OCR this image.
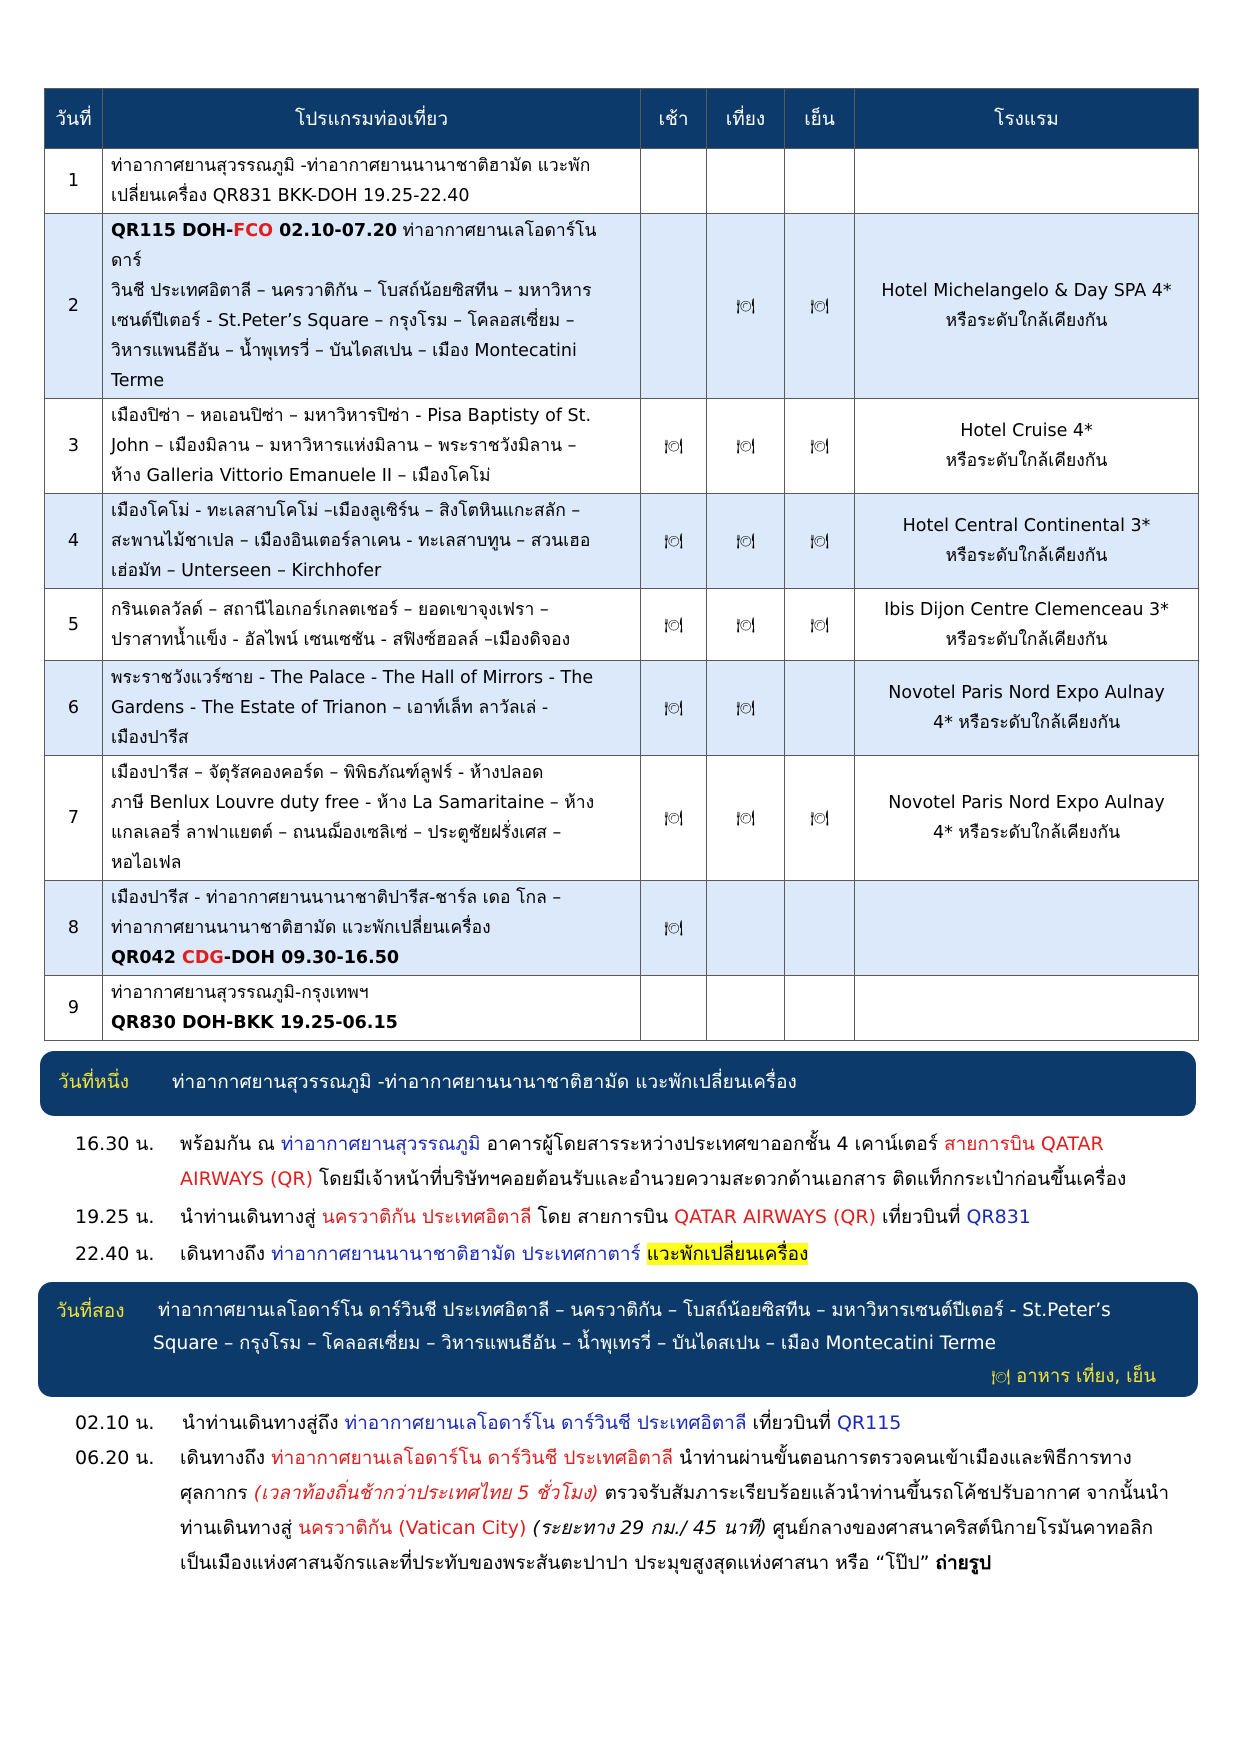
วันที่	โปรแกรมท่องเที่ยว	เช้า	เที่ยง	เย็น	โรงแรม
1	ท่าอากาศยานสุวรรณภูมิ -ท่าอากาศยานนานาชาติฮามัด แวะพัก
เปลี่ยนเครื่อง QR831 BKK-DOH 19.25-22.40				
2	QR115 DOH-FCO 02.10-07.20 ท่าอากาศยานเลโอดาร์โน ดาร์
วินชี ประเทศอิตาลี – นครวาติกัน – โบสถ์น้อยซิสทีน – มหาวิหาร
เซนต์ปีเตอร์ - St.Peter’s Square – กรุงโรม – โคลอสเซี่ยม –
วิหารแพนธีอัน – น้ำพุเทรวี่ – บันไดสเปน – เมือง Montecatini
Terme		🍽	🍽	Hotel Michelangelo & Day SPA 4*
หรือระดับใกล้เคียงกัน
3	เมืองปิซ่า – หอเอนปิซ่า – มหาวิหารปิซ่า - Pisa Baptisty of St.
John – เมืองมิลาน – มหาวิหารแห่งมิลาน – พระราชวังมิลาน –
ห้าง Galleria Vittorio Emanuele II – เมืองโคโม่	🍽	🍽	🍽	Hotel Cruise 4*
หรือระดับใกล้เคียงกัน
4	เมืองโคโม่ - ทะเลสาบโคโม่ –เมืองลูเซิร์น – สิงโตหินแกะสลัก –
สะพานไม้ชาเปล – เมืองอินเตอร์ลาเคน - ทะเลสาบทูน – สวนเฮอ
เฮ่อมัท – Unterseen – Kirchhofer	🍽	🍽	🍽	Hotel Central Continental 3*
หรือระดับใกล้เคียงกัน
5	กรินเดลวัลด์ – สถานีไอเกอร์เกลตเชอร์ – ยอดเขาจุงเฟรา –
ปราสาทน้ำแข็ง - อัลไพน์ เซนเซชัน - สฟิงซ์ฮอลล์ –เมืองดิจอง	🍽	🍽	🍽	Ibis Dijon Centre Clemenceau 3*
หรือระดับใกล้เคียงกัน
6	พระราชวังแวร์ซาย - The Palace - The Hall of Mirrors - The
Gardens - The Estate of Trianon – เอาท์เล็ท ลาวัลเล่ -
เมืองปารีส	🍽	🍽		Novotel Paris Nord Expo Aulnay
4* หรือระดับใกล้เคียงกัน
7	เมืองปารีส – จัตุรัสคองคอร์ด – พิพิธภัณฑ์ลูฟร์ - ห้างปลอด
ภาษี Benlux Louvre duty free - ห้าง La Samaritaine – ห้าง
แกลเลอรี่ ลาฟาแยตต์ – ถนนฌ็องเซลิเซ่ – ประตูชัยฝรั่งเศส –
หอไอเฟล	🍽	🍽	🍽	Novotel Paris Nord Expo Aulnay
4* หรือระดับใกล้เคียงกัน
8	เมืองปารีส - ท่าอากาศยานนานาชาติปารีส-ชาร์ล เดอ โกล –
ท่าอากาศยานนานาชาติฮามัด แวะพักเปลี่ยนเครื่อง
QR042 CDG-DOH 09.30-16.50	🍽			
9	ท่าอากาศยานสุวรรณภูมิ-กรุงเทพฯ
QR830 DOH-BKK 19.25-06.15				
วันที่หนึ่ง ท่าอากาศยานสุวรรณภูมิ -ท่าอากาศยานนานาชาติฮามัด แวะพักเปลี่ยนเครื่อง
16.30 น.	พร้อมกัน ณ ท่าอากาศยานสุวรรณภูมิ อาคารผู้โดยสารระหว่างประเทศขาออกชั้น 4 เคาน์เตอร์ สายการบิน QATAR AIRWAYS (QR) โดยมีเจ้าหน้าที่บริษัทฯคอยต้อนรับและอำนวยความสะดวกด้านเอกสาร ติดแท็กกระเป๋าก่อนขึ้นเครื่อง
19.25 น.	นำท่านเดินทางสู่ นครวาติกัน ประเทศอิตาลี โดย สายการบิน QATAR AIRWAYS (QR) เที่ยวบินที่ QR831
22.40 น.	เดินทางถึง ท่าอากาศยานนานาชาติฮามัด ประเทศกาตาร์ แวะพักเปลี่ยนเครื่อง
วันที่สอง ท่าอากาศยานเลโอดาร์โน ดาร์วินชี ประเทศอิตาลี – นครวาติกัน – โบสถ์น้อยซิสทีน – มหาวิหารเซนต์ปีเตอร์ - St.Peter’s
Square – กรุงโรม – โคลอสเซี่ยม – วิหารแพนธีอัน – น้ำพุเทรวี่ – บันไดสเปน – เมือง Montecatini Terme
🍽 อาหาร เที่ยง, เย็น
02.10 น.	นำท่านเดินทางสู่ถึง ท่าอากาศยานเลโอดาร์โน ดาร์วินชี ประเทศอิตาลี เที่ยวบินที่ QR115
06.20 น.	เดินทางถึง ท่าอากาศยานเลโอดาร์โน ดาร์วินชี ประเทศอิตาลี นำท่านผ่านขั้นตอนการตรวจคนเข้าเมืองและพิธีการทางศุลกากร (เวลาท้องถิ่นช้ากว่าประเทศไทย 5 ชั่วโมง) ตรวจรับสัมภาระเรียบร้อยแล้วนำท่านขึ้นรถโค้ชปรับอากาศ จากนั้นนำท่านเดินทางสู่ นครวาติกัน (Vatican City) (ระยะทาง 29 กม./ 45 นาที) ศูนย์กลางของศาสนาคริสต์นิกายโรมันคาทอลิก เป็นเมืองแห่งศาสนจักรและที่ประทับของพระสันตะปาปา ประมุขสูงสุดแห่งศาสนา หรือ “โป๊ป” ถ่ายรูป
